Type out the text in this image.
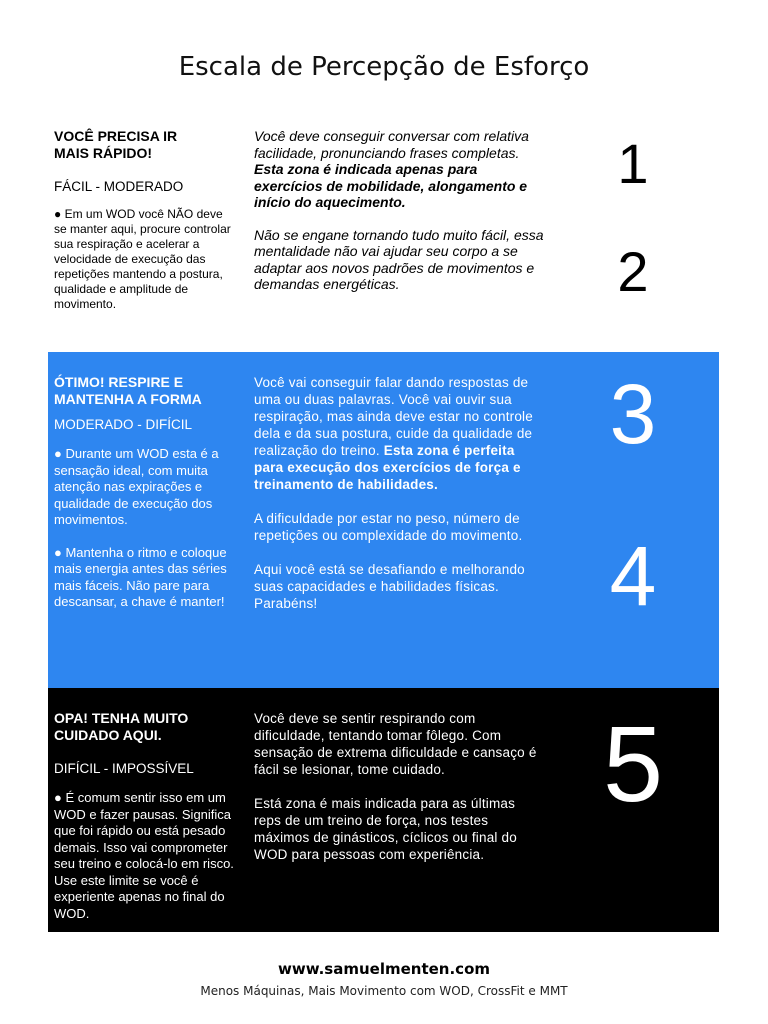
Escala de Percepção de Esforço

VOCÊ PRECISA IR MAIS RÁPIDO!

FÁCIL - MODERADO

● Em um WOD você NÃO deve se manter aqui, procure controlar sua respiração e acelerar a velocidade de execução das repetições mantendo a postura, qualidade e amplitude de movimento.

Você deve conseguir conversar com relativa facilidade, pronunciando frases completas. Esta zona é indicada apenas para exercícios de mobilidade, alongamento e início do aquecimento.

Não se engane tornando tudo muito fácil, essa mentalidade não vai ajudar seu corpo a se adaptar aos novos padrões de movimentos e demandas energéticas.

1
2

ÓTIMO! RESPIRE E MANTENHA A FORMA

MODERADO - DIFÍCIL

● Durante um WOD esta é a sensação ideal, com muita atenção nas expirações e qualidade de execução dos movimentos.

● Mantenha o ritmo e coloque mais energia antes das séries mais fáceis. Não pare para descansar, a chave é manter!

Você vai conseguir falar dando respostas de uma ou duas palavras. Você vai ouvir sua respiração, mas ainda deve estar no controle dela e da sua postura, cuide da qualidade de realização do treino. Esta zona é perfeita para execução dos exercícios de força e treinamento de habilidades.

A dificuldade por estar no peso, número de repetições ou complexidade do movimento.

Aqui você está se desafiando e melhorando suas capacidades e habilidades físicas. Parabéns!

3
4

OPA! TENHA MUITO CUIDADO AQUI.

DIFÍCIL - IMPOSSÍVEL

● É comum sentir isso em um WOD e fazer pausas. Significa que foi rápido ou está pesado demais. Isso vai comprometer seu treino e colocá-lo em risco. Use este limite se você é experiente apenas no final do WOD.

Você deve se sentir respirando com dificuldade, tentando tomar fôlego. Com sensação de extrema dificuldade e cansaço é fácil se lesionar, tome cuidado.

Está zona é mais indicada para as últimas reps de um treino de força, nos testes máximos de ginásticos, cíclicos ou final do WOD para pessoas com experiência.

5
www.samuelmenten.com
Menos Máquinas, Mais Movimento com WOD, CrossFit e MMT
